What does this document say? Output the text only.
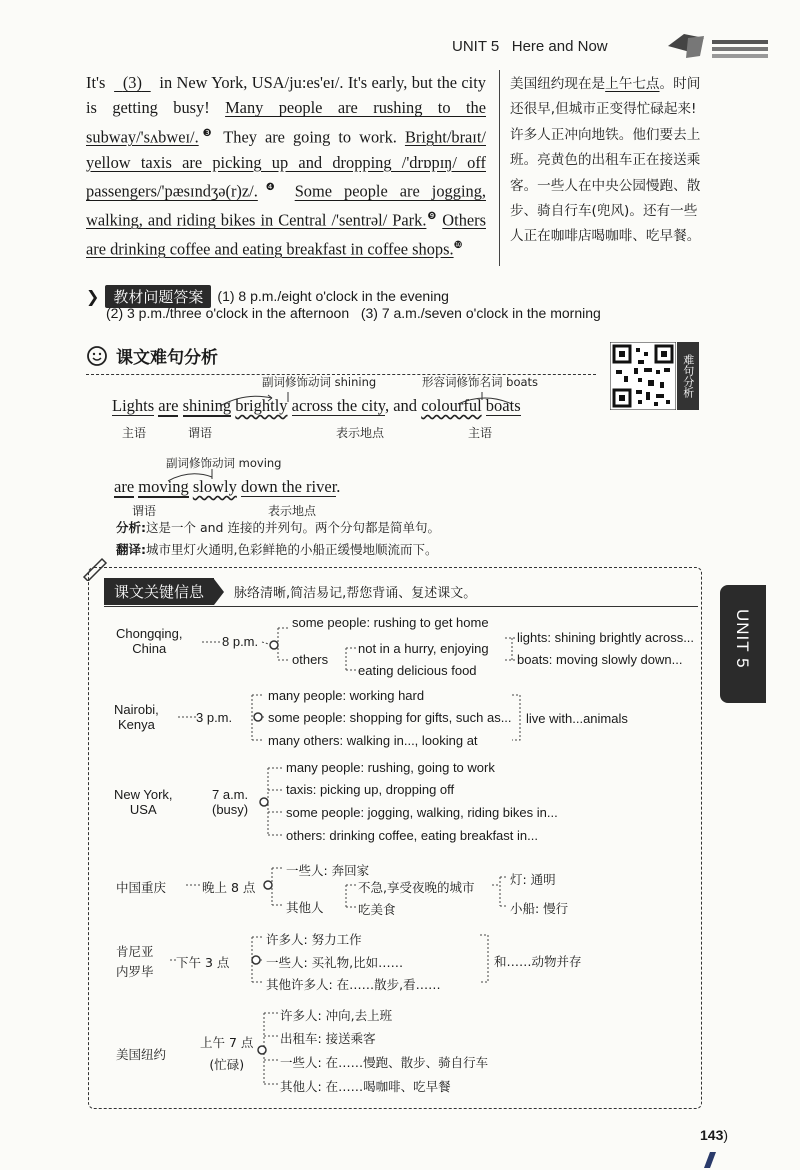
UNIT 5 Here and Now
It's (3) in New York, USA/ju:es'eɪ/. It's early, but the city is getting busy! Many people are rushing to the subway/'sʌbweɪ/.$^❸$ They are going to work. Bright/braɪt/ yellow taxis are picking up and dropping /'drɒpɪŋ/ off passengers/'pæsɪndʒə(r)z/.$^❹$ Some people are jogging, walking, and riding bikes in Central /'sentrəl/ Park.$^❾$ Others are drinking coffee and eating breakfast in coffee shops.$^❿$
美国纽约现在是上午七点。时间还很早,但城市正变得忙碌起来!许多人正冲向地铁。他们要去上班。亮黄色的出租车正在接送乘客。一些人在中央公园慢跑、散步、骑自行车(兜风)。还有一些人正在咖啡店喝咖啡、吃早餐。
❯ 教材问题答案	(1) 8 p.m./eight o'clock in the evening
(2) 3 p.m./three o'clock in the afternoon (3) 7 a.m./seven o'clock in the morning
课文难句分析	难句分析
副词修饰动词 shining	形容词修饰名词 boats
Lights are shining brightly across the city, and colourful boats
主语	谓语	表示地点	主语
副词修饰动词 moving
are moving slowly down the river.
谓语	表示地点
分析:这是一个 and 连接的并列句。两个分句都是简单句。
翻译:城市里灯火通明,色彩鲜艳的小船正缓慢地顺流而下。
课文关键信息	脉络清晰,简洁易记,帮您背诵、复述课文。
Chongqing,
China	8 p.m.
some people: rushing to get home
others
not in a hurry, enjoying
eating delicious food
lights: shining brightly across...
boats: moving slowly down...
Nairobi,
Kenya	3 p.m.
many people: working hard
some people: shopping for gifts, such as...
many others: walking in..., looking at
live with...animals
New York,
USA
7 a.m.
(busy)
many people: rushing, going to work
taxis: picking up, dropping off
some people: jogging, walking, riding bikes in...
others: drinking coffee, eating breakfast in...
中国重庆	晚上 8 点
一些人: 奔回家
其他人
不急,享受夜晚的城市
吃美食
灯: 通明
小船: 慢行
肯尼亚
内罗毕
下午 3 点
许多人: 努力工作
一些人: 买礼物,比如……
其他许多人: 在……散步,看……
和……动物并存
美国纽约
上午 7 点
(忙碌)
许多人: 冲向,去上班
出租车: 接送乘客
一些人: 在……慢跑、散步、骑自行车
其他人: 在……喝咖啡、吃早餐
UNIT 5
143)
